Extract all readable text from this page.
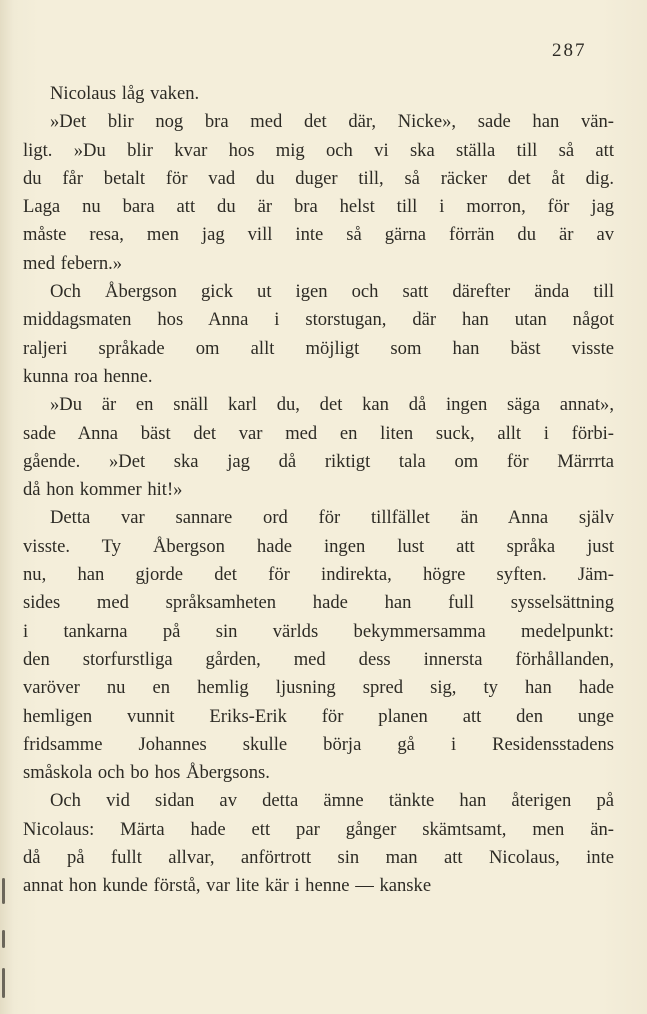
287
Nicolaus låg vaken.
»Det blir nog bra med det där, Nicke», sade han vän-
ligt. »Du blir kvar hos mig och vi ska ställa till så att
du får betalt för vad du duger till, så räcker det åt dig.
Laga nu bara att du är bra helst till i morron, för jag
måste resa, men jag vill inte så gärna förrän du är av
med febern.»
Och Åbergson gick ut igen och satt därefter ända till
middagsmaten hos Anna i storstugan, där han utan något
raljeri språkade om allt möjligt som han bäst visste
kunna roa henne.
»Du är en snäll karl du, det kan då ingen säga annat»,
sade Anna bäst det var med en liten suck, allt i förbi-
gående. »Det ska jag då riktigt tala om för Märrrta
då hon kommer hit!»
Detta var sannare ord för tillfället än Anna själv
visste. Ty Åbergson hade ingen lust att språka just
nu, han gjorde det för indirekta, högre syften. Jäm-
sides med språksamheten hade han full sysselsättning
i tankarna på sin världs bekymmersamma medelpunkt:
den storfurstliga gården, med dess innersta förhållanden,
varöver nu en hemlig ljusning spred sig, ty han hade
hemligen vunnit Eriks-Erik för planen att den unge
fridsamme Johannes skulle börja gå i Residensstadens
småskola och bo hos Åbergsons.
Och vid sidan av detta ämne tänkte han återigen på
Nicolaus: Märta hade ett par gånger skämtsamt, men än-
då på fullt allvar, anförtrott sin man att Nicolaus, inte
annat hon kunde förstå, var lite kär i henne — kanske
